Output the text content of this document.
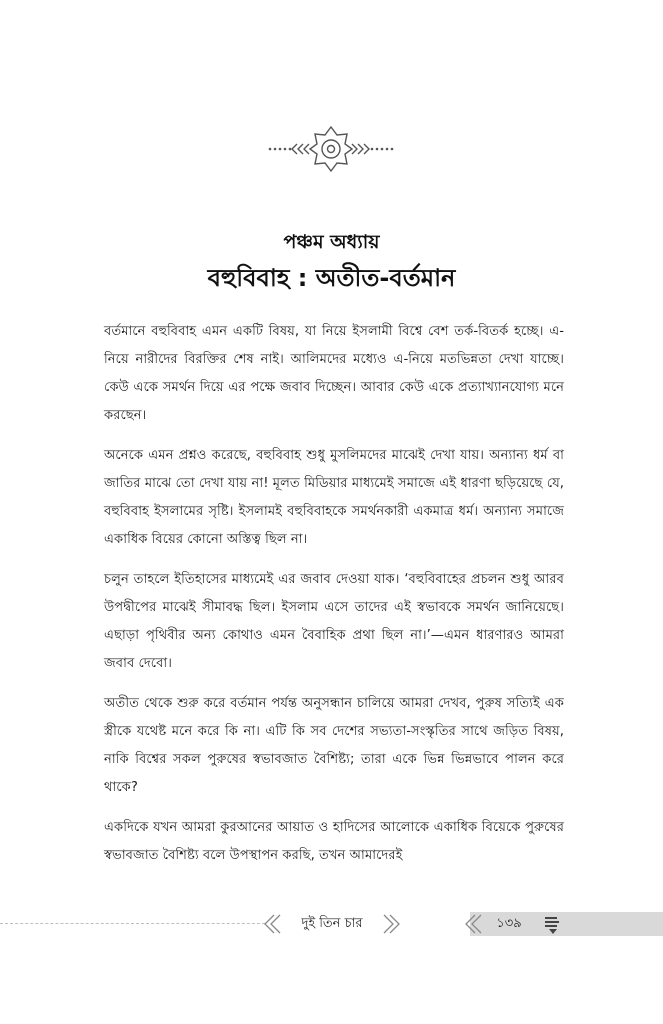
পঞ্চম অধ্যায়
বহুবিবাহ : অতীত-বর্তমান

বর্তমানে বহুবিবাহ এমন একটি বিষয়, যা নিয়ে ইসলামী বিশ্বে বেশ তর্ক-বিতর্ক হচ্ছে। এ-নিয়ে নারীদের বিরক্তির শেষ নাই। আলিমদের মধ্যেও এ-নিয়ে মতভিন্নতা দেখা যাচ্ছে। কেউ একে সমর্থন দিয়ে এর পক্ষে জবাব দিচ্ছেন। আবার কেউ একে প্রত্যাখ্যানযোগ্য মনে করছেন।

অনেকে এমন প্রশ্নও করেছে, বহুবিবাহ শুধু মুসলিমদের মাঝেই দেখা যায়। অন্যান্য ধর্ম বা জাতির মাঝে তো দেখা যায় না! মূলত মিডিয়ার মাধ্যমেই সমাজে এই ধারণা ছড়িয়েছে যে, বহুবিবাহ ইসলামের সৃষ্টি। ইসলামই বহুবিবাহকে সমর্থনকারী একমাত্র ধর্ম। অন্যান্য সমাজে একাধিক বিয়ের কোনো অস্তিত্ব ছিল না।

চলুন তাহলে ইতিহাসের মাধ্যমেই এর জবাব দেওয়া যাক। ‘বহুবিবাহের প্রচলন শুধু আরব উপদ্বীপের মাঝেই সীমাবদ্ধ ছিল। ইসলাম এসে তাদের এই স্বভাবকে সমর্থন জানিয়েছে। এছাড়া পৃথিবীর অন্য কোথাও এমন বৈবাহিক প্রথা ছিল না।’—এমন ধারণারও আমরা জবাব দেবো।

অতীত থেকে শুরু করে বর্তমান পর্যন্ত অনুসন্ধান চালিয়ে আমরা দেখব, পুরুষ সত্যিই এক স্ত্রীকে যথেষ্ট মনে করে কি না। এটি কি সব দেশের সভ্যতা-সংস্কৃতির সাথে জড়িত বিষয়, নাকি বিশ্বের সকল পুরুষের স্বভাবজাত বৈশিষ্ট্য; তারা একে ভিন্ন ভিন্নভাবে পালন করে থাকে?

একদিকে যখন আমরা কুরআনের আয়াত ও হাদিসের আলোকে একাধিক বিয়েকে পুরুষের স্বভাবজাত বৈশিষ্ট্য বলে উপস্থাপন করছি, তখন আমাদেরই

দুই তিন চার	১৩৯
